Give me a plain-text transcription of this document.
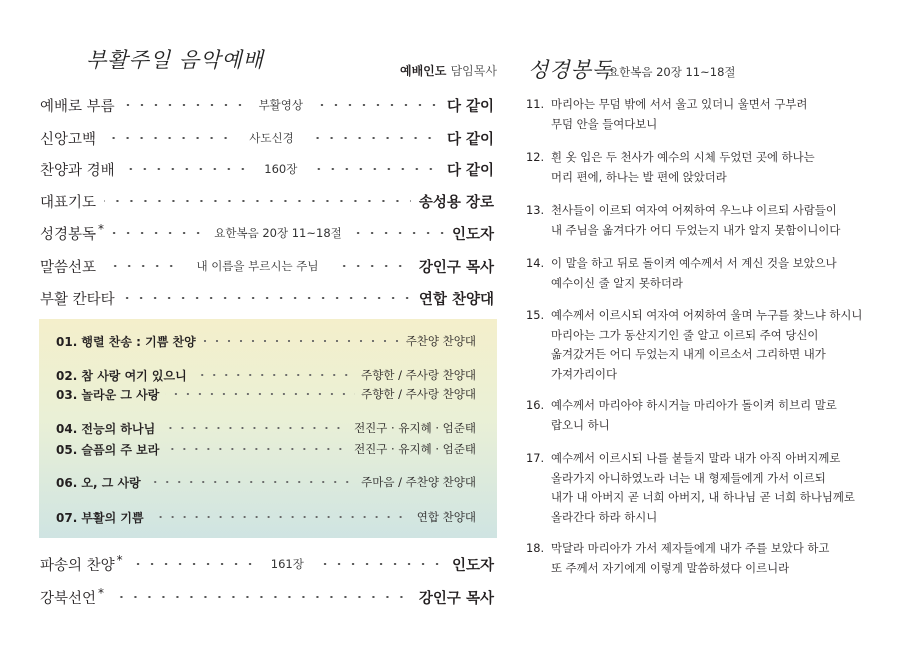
부활주일 음악예배	예배인도 담임목사
예배로 부름	부활영상	다 같이
신앙고백	사도신경	다 같이
찬양과 경배	160장	다 같이
대표기도	송성용 장로
성경봉독 *	요한복음 20장 11~18절	인도자
말씀선포	내 이름을 부르시는 주님	강인구 목사
부활 칸타타	연합 찬양대
01. 행렬 찬송 : 기쁨 찬양	주찬양 찬양대
02. 참 사랑 여기 있으니	주향한 / 주사랑 찬양대
03. 놀라운 그 사랑	주향한 / 주사랑 찬양대
04. 전능의 하나님	전진구 · 유지혜 · 엄준태
05. 슬픔의 주 보라	전진구 · 유지혜 · 엄준태
06. 오, 그 사랑	주마음 / 주찬양 찬양대
07. 부활의 기쁨	연합 찬양대
파송의 찬양 *	161장	인도자
강북선언 *	강인구 목사
성경봉독
요한복음 20장 11~18절
11. 마리아는 무덤 밖에 서서 울고 있더니 울면서 구부려
무덤 안을 들여다보니
12. 흰 옷 입은 두 천사가 예수의 시체 두었던 곳에 하나는
머리 편에, 하나는 발 편에 앉았더라
13. 천사들이 이르되 여자여 어찌하여 우느냐 이르되 사람들이
내 주님을 옮겨다가 어디 두었는지 내가 알지 못함이니이다
14. 이 말을 하고 뒤로 돌이켜 예수께서 서 계신 것을 보았으나
예수이신 줄 알지 못하더라
15. 예수께서 이르시되 여자여 어찌하여 울며 누구를 찾느냐 하시니
마리아는 그가 동산지기인 줄 알고 이르되 주여 당신이
옮겨갔거든 어디 두었는지 내게 이르소서 그리하면 내가
가져가리이다
16. 예수께서 마리아야 하시거늘 마리아가 돌이켜 히브리 말로
랍오니 하니
17. 예수께서 이르시되 나를 붙들지 말라 내가 아직 아버지께로
올라가지 아니하였노라 너는 내 형제들에게 가서 이르되
내가 내 아버지 곧 너희 아버지, 내 하나님 곧 너희 하나님께로
올라간다 하라 하시니
18. 막달라 마리아가 가서 제자들에게 내가 주를 보았다 하고
또 주께서 자기에게 이렇게 말씀하셨다 이르니라
